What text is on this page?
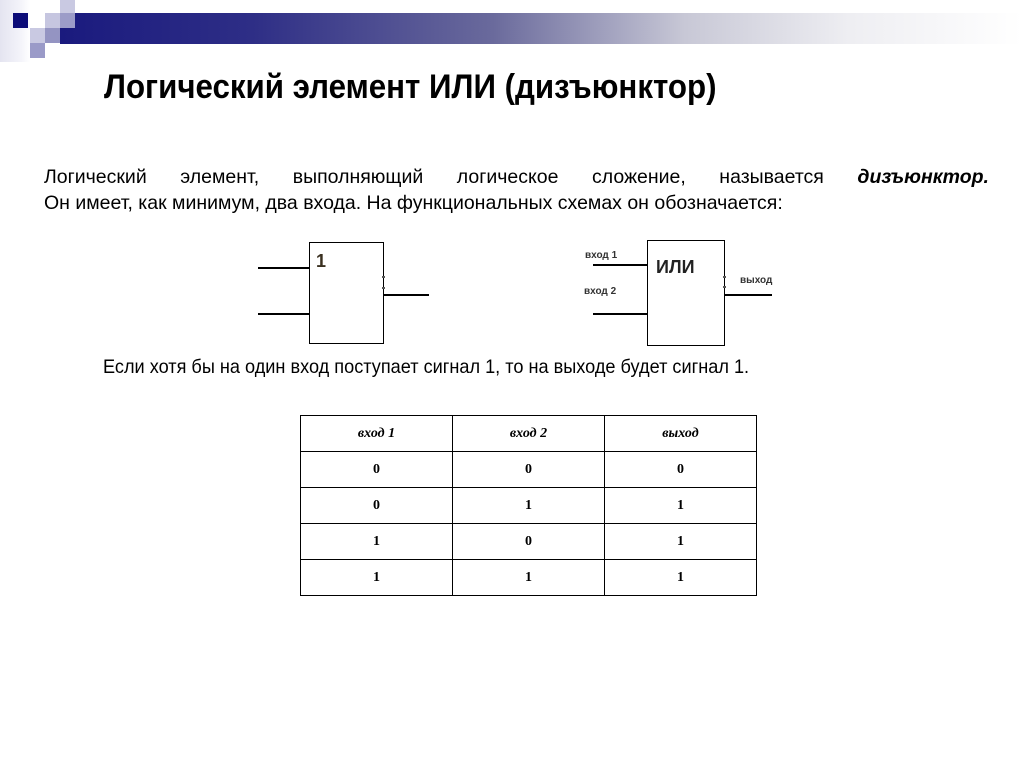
Логический элемент ИЛИ (дизъюнктор)
Логический элемент, выполняющий логическое сложение, называется дизъюнктор.
Он имеет, как минимум, два входа. На функциональных схемах он обозначается:
1	вход 1
вход 2
ИЛИ
выход
Если хотя бы на один вход поступает сигнал 1, то на выходе будет сигнал 1.
вход 1	вход 2	выход
0	0	0
0	1	1
1	0	1
1	1	1
